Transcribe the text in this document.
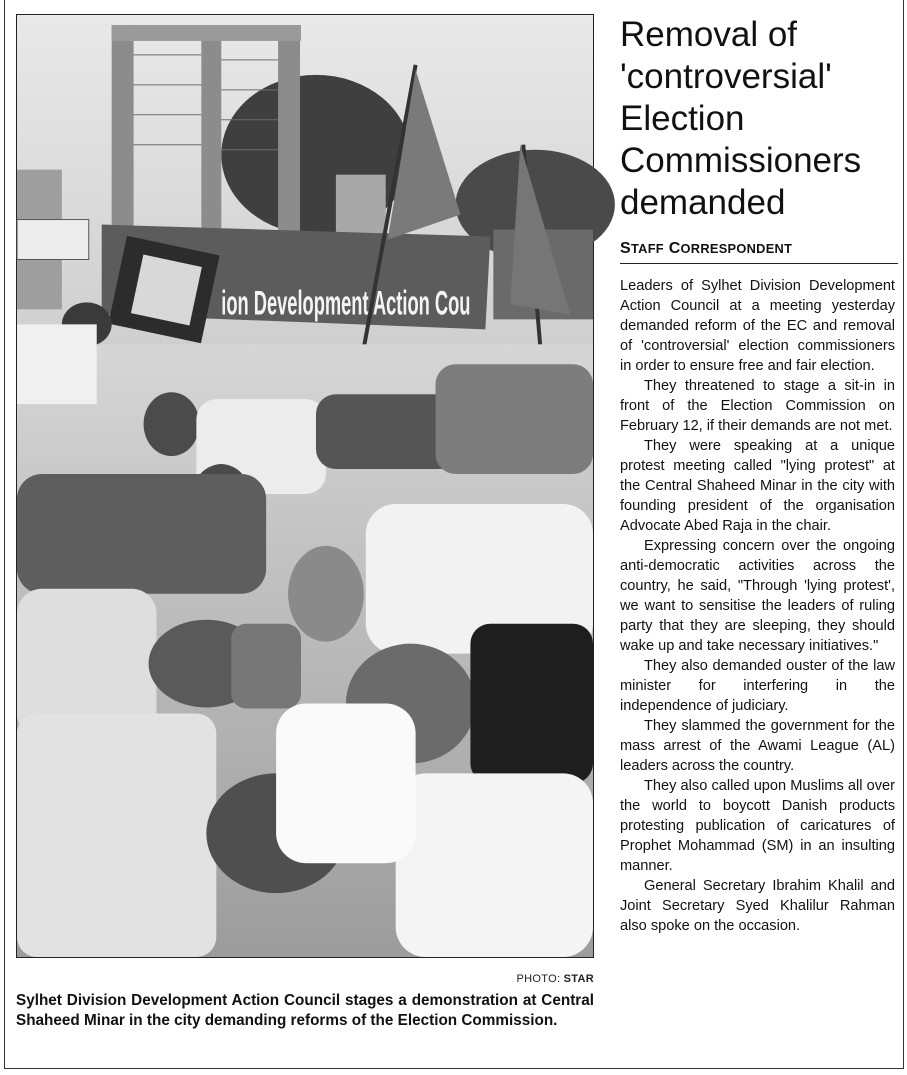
ion Development Action Cou
PHOTO: STAR

Sylhet Division Development Action Council stages a demonstration at Central Shaheed Minar in the city demanding reforms of the Election Commission.

Removal of 'controversial' Election Commissioners demanded
STAFF CORRESPONDENT

Leaders of Sylhet Division Development Action Council at a meeting yesterday demanded reform of the EC and removal of 'controversial' election commissioners in order to ensure free and fair election.

They threatened to stage a sit-in in front of the Election Commission on February 12, if their demands are not met.

They were speaking at a unique protest meeting called "lying protest" at the Central Shaheed Minar in the city with founding president of the organisation Advocate Abed Raja in the chair.

Expressing concern over the ongoing anti-democratic activities across the country, he said, "Through 'lying protest', we want to sensitise the leaders of ruling party that they are sleeping, they should wake up and take necessary initiatives."

They also demanded ouster of the law minister for interfering in the independence of judiciary.

They slammed the government for the mass arrest of the Awami League (AL) leaders across the country.

They also called upon Muslims all over the world to boycott Danish products protesting publication of caricatures of Prophet Mohammad (SM) in an insulting manner.

General Secretary Ibrahim Khalil and Joint Secretary Syed Khalilur Rahman also spoke on the occasion.
